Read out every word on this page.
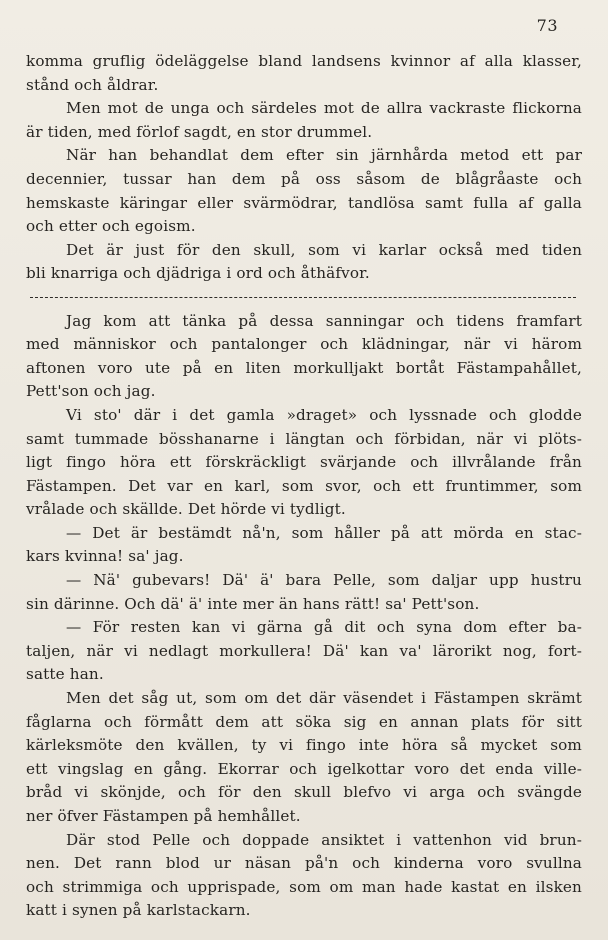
73
komma gruflig ödeläggelse bland landsens kvinnor af alla klasser,
stånd och åldrar.
Men mot de unga och särdeles mot de allra vackraste flickorna
är tiden, med förlof sagdt, en stor drummel.
När han behandlat dem efter sin järnhårda metod ett par
decennier, tussar han dem på oss såsom de blågråaste och
hemskaste käringar eller svärmödrar, tandlösa samt fulla af galla
och etter och egoism.
Det är just för den skull, som vi karlar också med tiden
bli knarriga och djädriga i ord och åthäfvor.
Jag kom att tänka på dessa sanningar och tidens framfart
med människor och pantalonger och klädningar, när vi härom
aftonen voro ute på en liten morkulljakt bortåt Fästampahållet,
Pett'son och jag.
Vi sto' där i det gamla »draget» och lyssnade och glodde
samt tummade bösshanarne i längtan och förbidan, när vi plöts-
ligt fingo höra ett förskräckligt svärjande och illvrålande från
Fästampen. Det var en karl, som svor, och ett fruntimmer, som
vrålade och skällde. Det hörde vi tydligt.
— Det är bestämdt nå'n, som håller på att mörda en stac-
kars kvinna! sa' jag.
— Nä' gubevars! Dä' ä' bara Pelle, som daljar upp hustru
sin därinne. Och dä' ä' inte mer än hans rätt! sa' Pett'son.
— För resten kan vi gärna gå dit och syna dom efter ba-
taljen, när vi nedlagt morkullera! Dä' kan va' lärorikt nog, fort-
satte han.
Men det såg ut, som om det där väsendet i Fästampen skrämt
fåglarna och förmått dem att söka sig en annan plats för sitt
kärleksmöte den kvällen, ty vi fingo inte höra så mycket som
ett vingslag en gång. Ekorrar och igelkottar voro det enda ville-
bråd vi skönjde, och för den skull blefvo vi arga och svängde
ner öfver Fästampen på hemhållet.
Där stod Pelle och doppade ansiktet i vattenhon vid brun-
nen. Det rann blod ur näsan på'n och kinderna voro svullna
och strimmiga och upprispade, som om man hade kastat en ilsken
katt i synen på karlstackarn.
